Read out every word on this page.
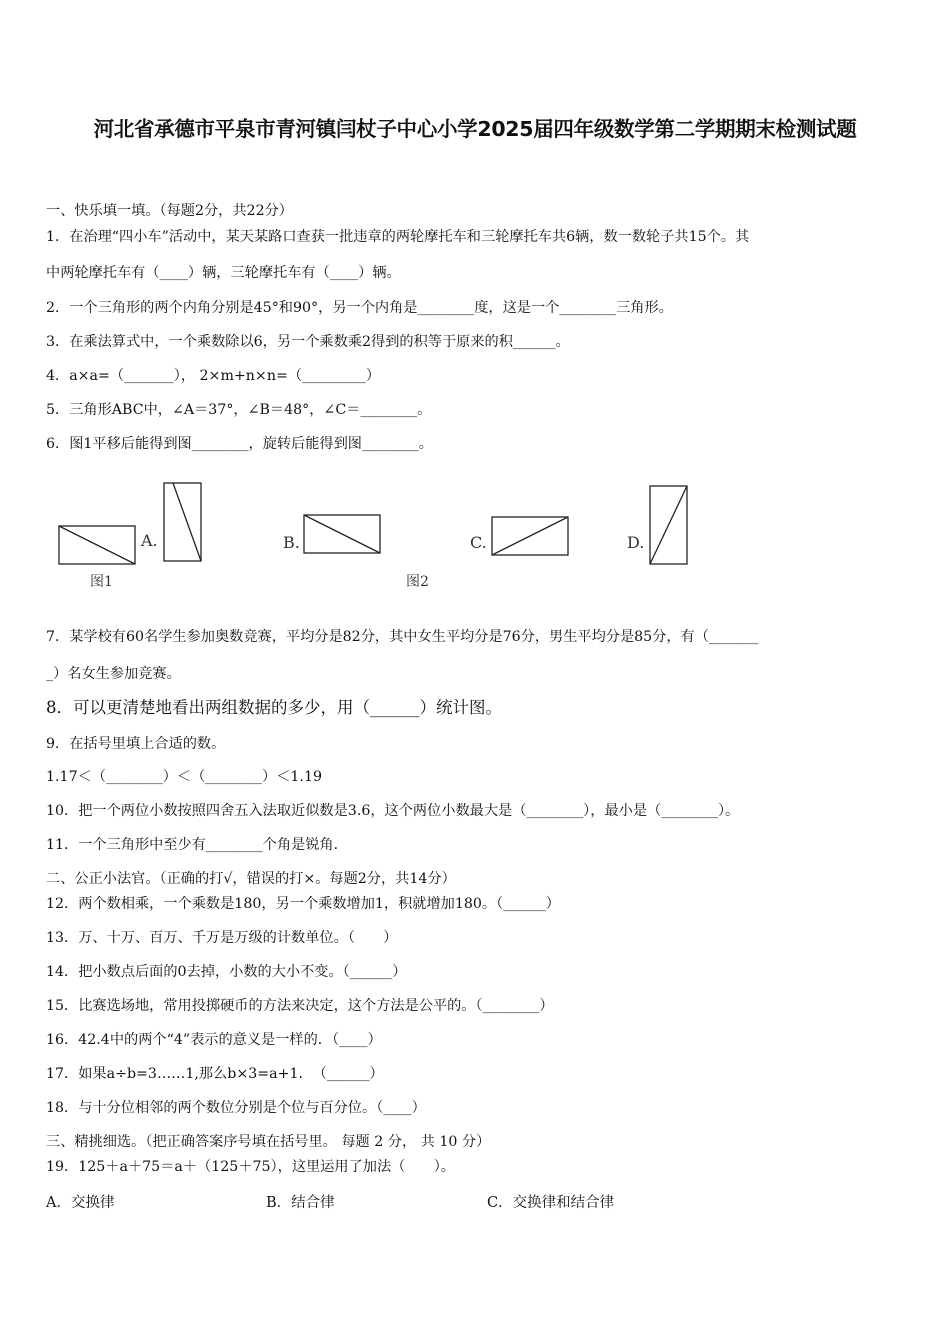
河北省承德市平泉市青河镇闫杖子中心小学2025届四年级数学第二学期期末检测试题
一、快乐填一填。（每题2分，共22分）
1．在治理“四小车”活动中，某天某路口查获一批违章的两轮摩托车和三轮摩托车共6辆，数一数轮子共15个。其
中两轮摩托车有（____）辆，三轮摩托车有（____）辆。
2．一个三角形的两个内角分别是45°和90°，另一个内角是________度，这是一个________三角形。
3．在乘法算式中，一个乘数除以6，另一个乘数乘2得到的积等于原来的积______。
4．a×a=（_______）， 2×m+n×n=（_________）
5．三角形ABC中，∠A＝37°，∠B＝48°，∠C＝________。
6．图1平移后能得到图________，旋转后能得到图________。
A.	B.	C.	D.
图1	图2
7．某学校有60名学生参加奥数竞赛，平均分是82分，其中女生平均分是76分，男生平均分是85分，有（_______
_）名女生参加竞赛。
8．可以更清楚地看出两组数据的多少，用（______）统计图。
9．在括号里填上合适的数。
1.17＜（________）＜（________）＜1.19
10．把一个两位小数按照四舍五入法取近似数是3.6，这个两位小数最大是（________），最小是（________）。
11．一个三角形中至少有________个角是锐角．
二、公正小法官。（正确的打√，错误的打×。每题2分，共14分）
12．两个数相乘，一个乘数是180，另一个乘数增加1，积就增加180。（______）
13．万、十万、百万、千万是万级的计数单位。（　　）
14．把小数点后面的0去掉，小数的大小不变。（______）
15．比赛选场地，常用投掷硬币的方法来决定，这个方法是公平的。（________）
16．42.4中的两个“4”表示的意义是一样的．（____）
17．如果a÷b=3……1,那么b×3=a+1．　（______）
18．与十分位相邻的两个数位分别是个位与百分位。（____）
三、精挑细选。（把正确答案序号填在括号里。 每题 2 分， 共 10 分）
19．125＋a＋75＝a＋（125＋75），这里运用了加法（　　）。
A．交换律	B．结合律	C．交换律和结合律
